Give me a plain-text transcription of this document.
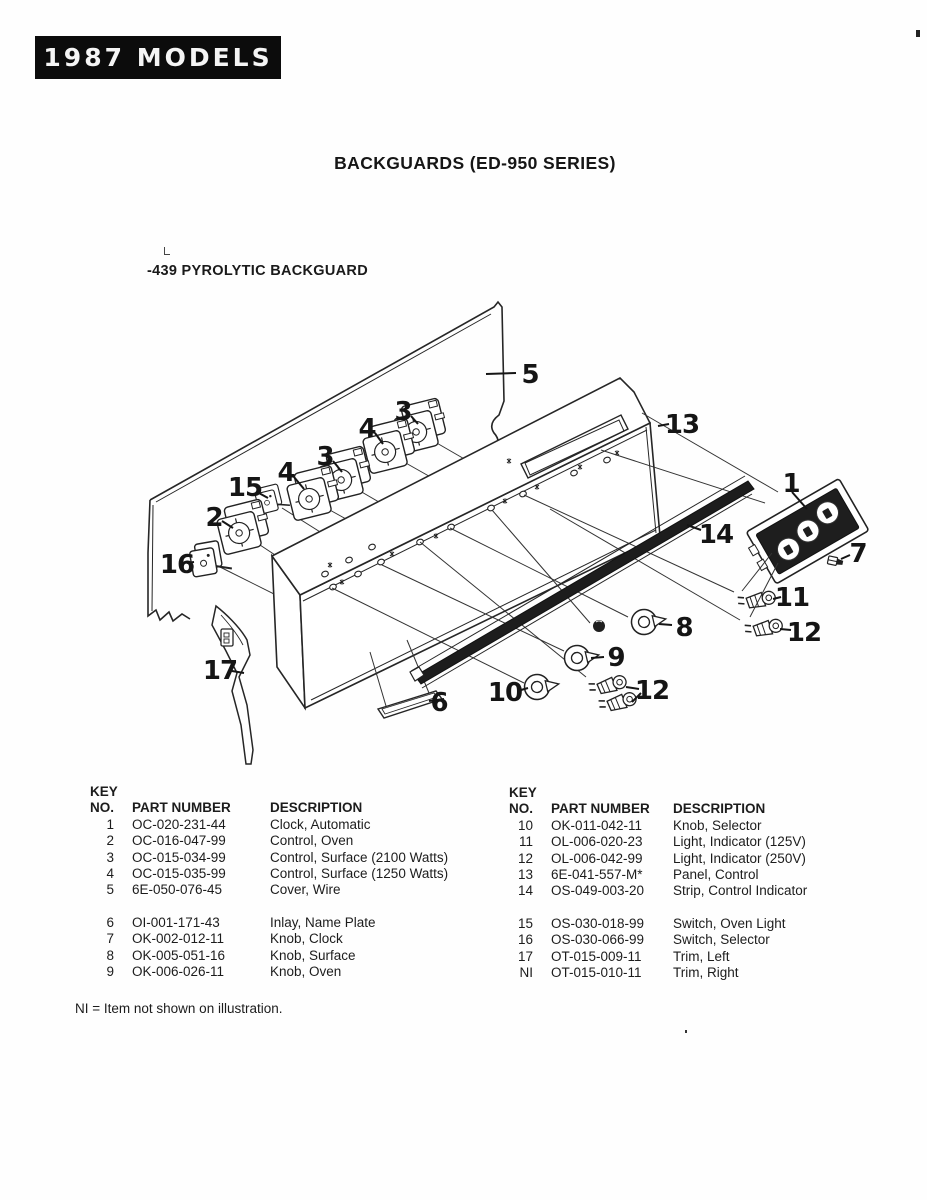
1987 MODELS
BACKGUARDS (ED-950 SERIES)
-439 PYROLYTIC BACKGUARD
5
13
1
7
11
12
8
9
10	12
6
17
16
2
15 4
3
4
3
14
KEY
NO.	PART NUMBER	DESCRIPTION
1	OC-020-231-44	Clock, Automatic
2	OC-016-047-99	Control, Oven
3	OC-015-034-99	Control, Surface (2100 Watts)
4	OC-015-035-99	Control, Surface (1250 Watts)
5	6E-050-076-45	Cover, Wire
6	OI-001-171-43	Inlay, Name Plate
7	OK-002-012-11	Knob, Clock
8	OK-005-051-16	Knob, Surface
9	OK-006-026-11	Knob, Oven
KEY
NO.	PART NUMBER	DESCRIPTION
10	OK-011-042-11	Knob, Selector
11	OL-006-020-23	Light, Indicator (125V)
12	OL-006-042-99	Light, Indicator (250V)
13	6E-041-557-M*	Panel, Control
14	OS-049-003-20	Strip, Control Indicator
15	OS-030-018-99	Switch, Oven Light
16	OS-030-066-99	Switch, Selector
17	OT-015-009-11	Trim, Left
NI	OT-015-010-11	Trim, Right
NI = Item not shown on illustration.
